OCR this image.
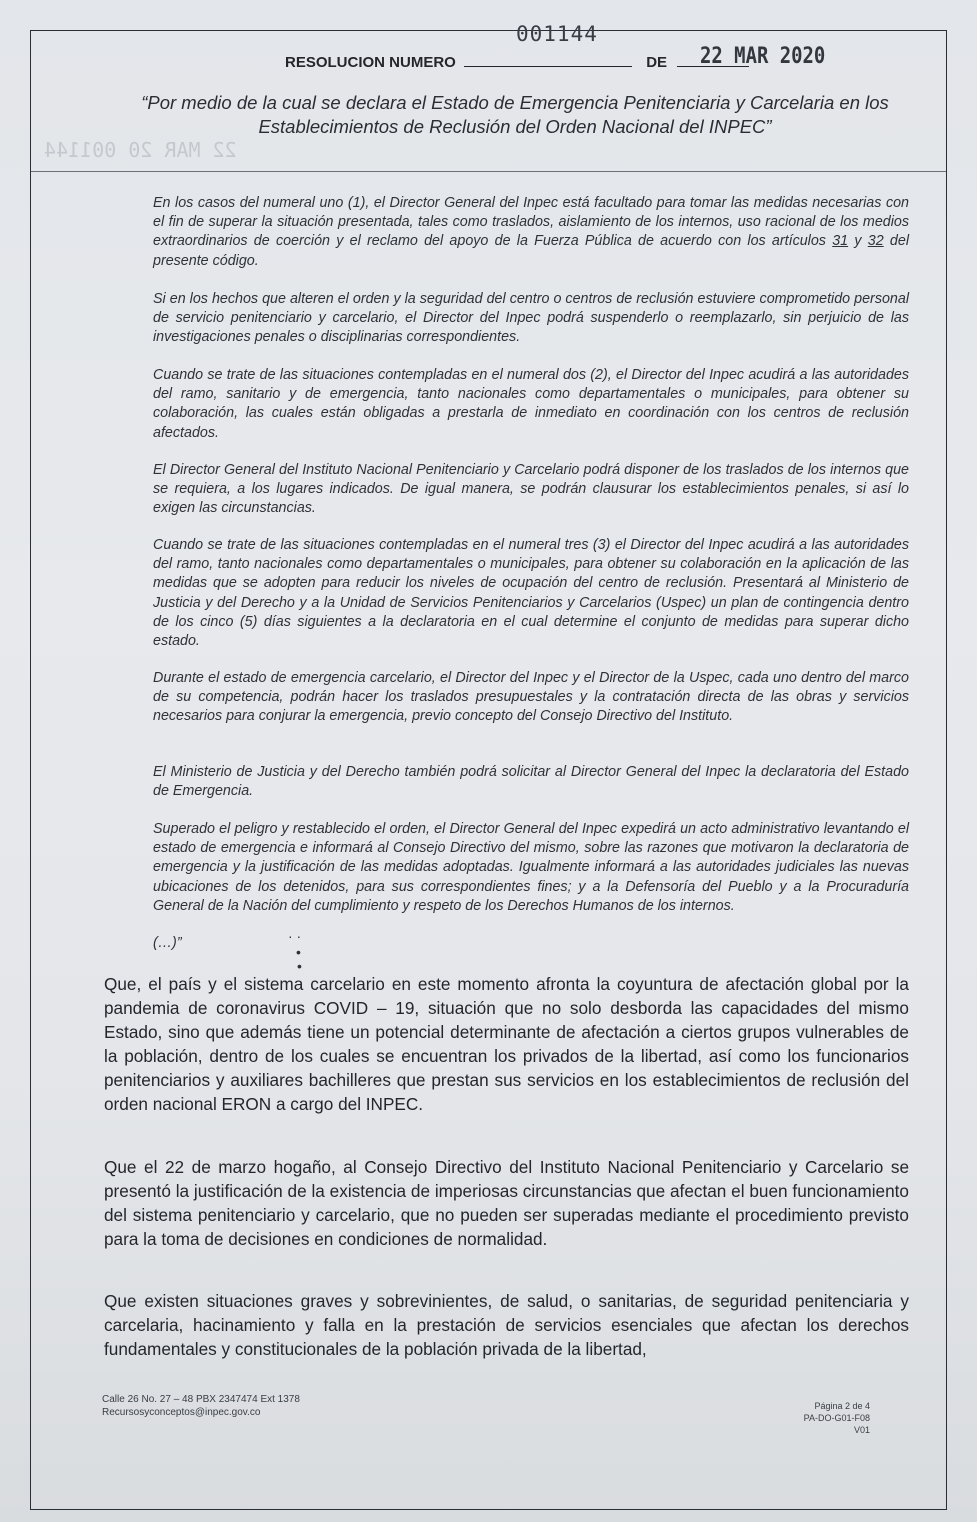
001144
RESOLUCION NUMERO	DE	22 MAR 2020
“Por medio de la cual se declara el Estado de Emergencia Penitenciaria y Carcelaria en los Establecimientos de Reclusión del Orden Nacional del INPEC”
22 MAR 20 001144

En los casos del numeral uno (1), el Director General del Inpec está facultado para tomar las medidas necesarias con el fin de superar la situación presentada, tales como traslados, aislamiento de los internos, uso racional de los medios extraordinarios de coerción y el reclamo del apoyo de la Fuerza Pública de acuerdo con los artículos 31 y 32 del presente código.

Si en los hechos que alteren el orden y la seguridad del centro o centros de reclusión estuviere comprometido personal de servicio penitenciario y carcelario, el Director del Inpec podrá suspenderlo o reemplazarlo, sin perjuicio de las investigaciones penales o disciplinarias correspondientes.

Cuando se trate de las situaciones contempladas en el numeral dos (2), el Director del Inpec acudirá a las autoridades del ramo, sanitario y de emergencia, tanto nacionales como departamentales o municipales, para obtener su colaboración, las cuales están obligadas a prestarla de inmediato en coordinación con los centros de reclusión afectados.

El Director General del Instituto Nacional Penitenciario y Carcelario podrá disponer de los traslados de los internos que se requiera, a los lugares indicados. De igual manera, se podrán clausurar los establecimientos penales, si así lo exigen las circunstancias.

Cuando se trate de las situaciones contempladas en el numeral tres (3) el Director del Inpec acudirá a las autoridades del ramo, tanto nacionales como departamentales o municipales, para obtener su colaboración en la aplicación de las medidas que se adopten para reducir los niveles de ocupación del centro de reclusión. Presentará al Ministerio de Justicia y del Derecho y a la Unidad de Servicios Penitenciarios y Carcelarios (Uspec) un plan de contingencia dentro de los cinco (5) días siguientes a la declaratoria en el cual determine el conjunto de medidas para superar dicho estado.

Durante el estado de emergencia carcelario, el Director del Inpec y el Director de la Uspec, cada uno dentro del marco de su competencia, podrán hacer los traslados presupuestales y la contratación directa de las obras y servicios necesarios para conjurar la emergencia, previo concepto del Consejo Directivo del Instituto.

El Ministerio de Justicia y del Derecho también podrá solicitar al Director General del Inpec la declaratoria del Estado de Emergencia.

Superado el peligro y restablecido el orden, el Director General del Inpec expedirá un acto administrativo levantando el estado de emergencia e informará al Consejo Directivo del mismo, sobre las razones que motivaron la declaratoria de emergencia y la justificación de las medidas adoptadas. Igualmente informará a las autoridades judiciales las nuevas ubicaciones de los detenidos, para sus correspondientes fines; y a la Defensoría del Pueblo y a la Procuraduría General de la Nación del cumplimiento y respeto de los Derechos Humanos de los internos.

(…)”	· ·
•
•

Que, el país y el sistema carcelario en este momento afronta la coyuntura de afectación global por la pandemia de coronavirus COVID – 19, situación que no solo desborda las capacidades del mismo Estado, sino que además tiene un potencial determinante de afectación a ciertos grupos vulnerables de la población, dentro de los cuales se encuentran los privados de la libertad, así como los funcionarios penitenciarios y auxiliares bachilleres que prestan sus servicios en los establecimientos de reclusión del orden nacional ERON a cargo del INPEC.

Que el 22 de marzo hogaño, al Consejo Directivo del Instituto Nacional Penitenciario y Carcelario se presentó la justificación de la existencia de imperiosas circunstancias que afectan el buen funcionamiento del sistema penitenciario y carcelario, que no pueden ser superadas mediante el procedimiento previsto para la toma de decisiones en condiciones de normalidad.

Que existen situaciones graves y sobrevinientes, de salud, o sanitarias, de seguridad penitenciaria y carcelaria, hacinamiento y falla en la prestación de servicios esenciales que afectan los derechos fundamentales y constitucionales de la población privada de la libertad,

Calle 26 No. 27 – 48 PBX 2347474 Ext 1378
Recursosyconceptos@inpec.gov.co
Página 2 de 4
PA-DO-G01-F08 V01
